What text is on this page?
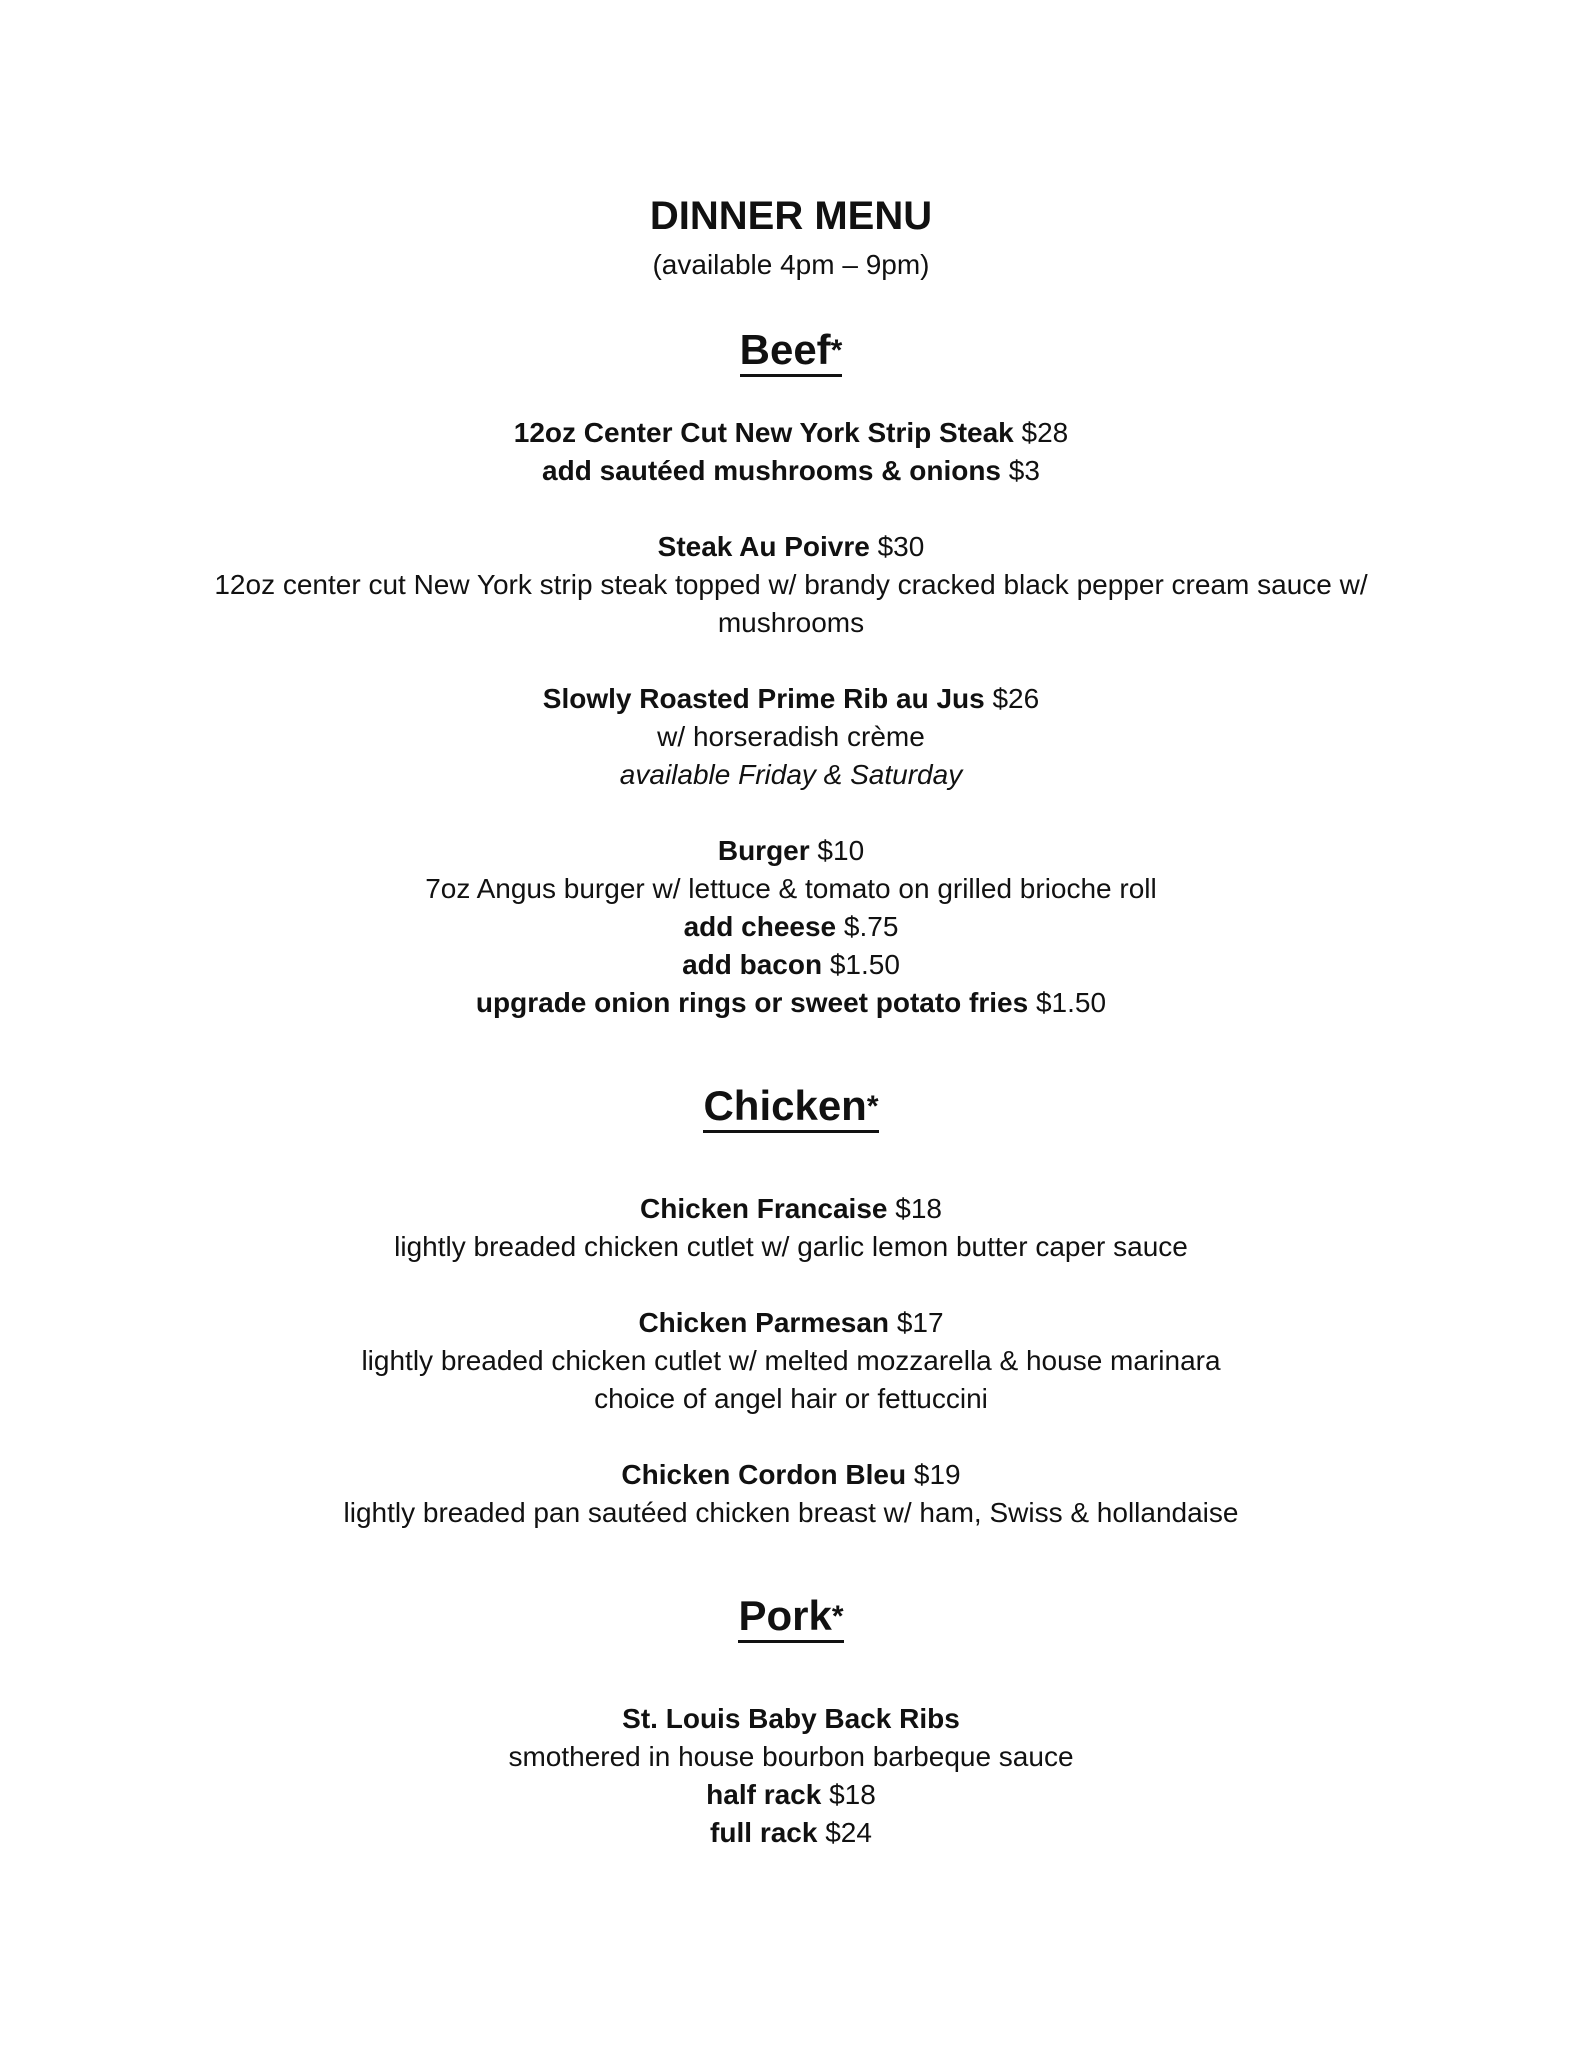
DINNER MENU
(available 4pm – 9pm)
Beef*
12oz Center Cut New York Strip Steak $28
add sautéed mushrooms & onions $3
Steak Au Poivre $30
12oz center cut New York strip steak topped w/ brandy cracked black pepper cream sauce w/
mushrooms
Slowly Roasted Prime Rib au Jus $26
w/ horseradish crème
available Friday & Saturday
Burger $10
7oz Angus burger w/ lettuce & tomato on grilled brioche roll
add cheese $.75
add bacon $1.50
upgrade onion rings or sweet potato fries $1.50
Chicken*
Chicken Francaise $18
lightly breaded chicken cutlet w/ garlic lemon butter caper sauce
Chicken Parmesan $17
lightly breaded chicken cutlet w/ melted mozzarella & house marinara
choice of angel hair or fettuccini
Chicken Cordon Bleu $19
lightly breaded pan sautéed chicken breast w/ ham, Swiss & hollandaise
Pork*
St. Louis Baby Back Ribs
smothered in house bourbon barbeque sauce
half rack $18
full rack $24
